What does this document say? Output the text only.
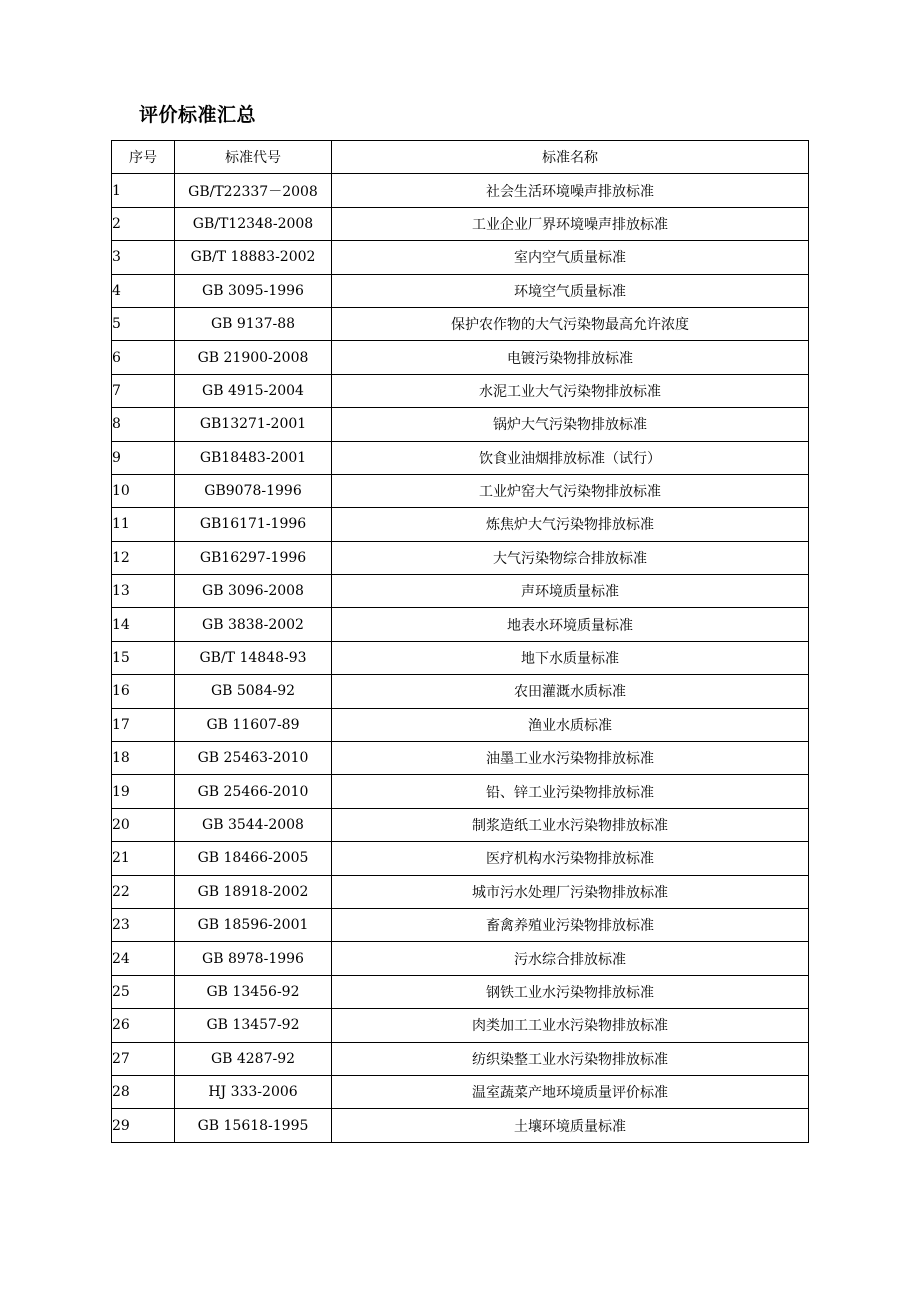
评价标准汇总
序号	标准代号	标准名称
1	GB/T22337－2008	社会生活环境噪声排放标准
2	GB/T12348-2008	工业企业厂界环境噪声排放标准
3	GB/T 18883-2002	室内空气质量标准
4	GB 3095-1996	环境空气质量标准
5	GB 9137-88	保护农作物的大气污染物最高允许浓度
6	GB 21900-2008	电镀污染物排放标准
7	GB 4915-2004	水泥工业大气污染物排放标准
8	GB13271-2001	锅炉大气污染物排放标准
9	GB18483-2001	饮食业油烟排放标准（试行）
10	GB9078-1996	工业炉窑大气污染物排放标准
11	GB16171-1996	炼焦炉大气污染物排放标准
12	GB16297-1996	大气污染物综合排放标准
13	GB 3096-2008	声环境质量标准
14	GB 3838-2002	地表水环境质量标准
15	GB/T 14848-93	地下水质量标准
16	GB 5084-92	农田灌溉水质标准
17	GB 11607-89	渔业水质标准
18	GB 25463-2010	油墨工业水污染物排放标准
19	GB 25466-2010	铅、锌工业污染物排放标准
20	GB 3544-2008	制浆造纸工业水污染物排放标准
21	GB 18466-2005	医疗机构水污染物排放标准
22	GB 18918-2002	城市污水处理厂污染物排放标准
23	GB 18596-2001	畜禽养殖业污染物排放标准
24	GB 8978-1996	污水综合排放标准
25	GB 13456-92	钢铁工业水污染物排放标准
26	GB 13457-92	肉类加工工业水污染物排放标准
27	GB 4287-92	纺织染整工业水污染物排放标准
28	HJ 333-2006	温室蔬菜产地环境质量评价标准
29	GB 15618-1995	土壤环境质量标准
